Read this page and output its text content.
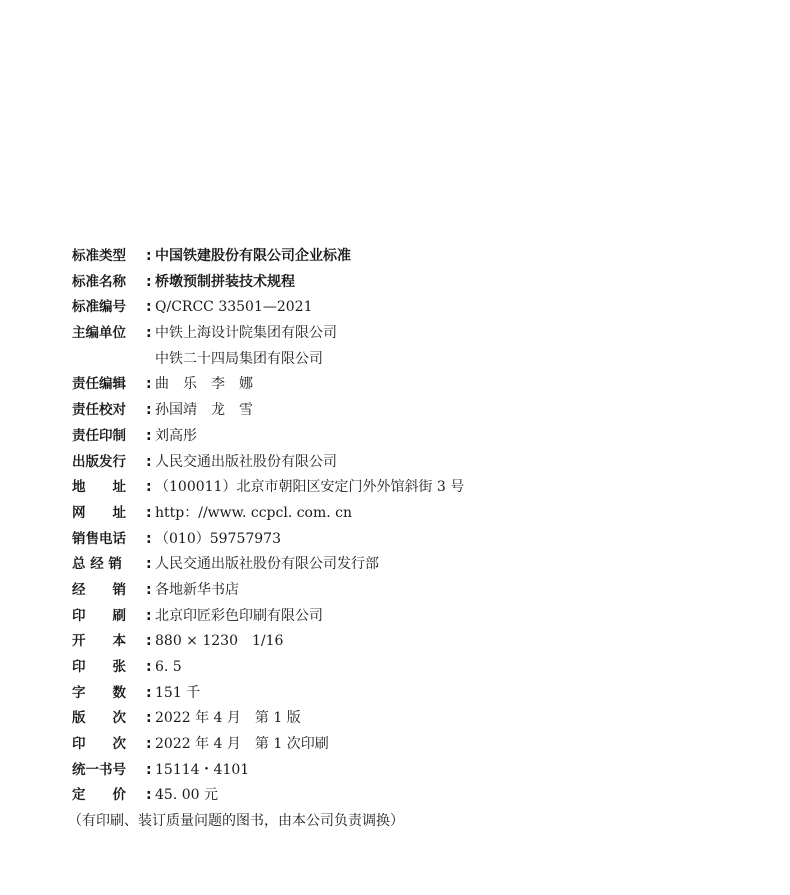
标准类型	: 中国铁建股份有限公司企业标准
标准名称	: 桥墩预制拼装技术规程
标准编号	: Q/CRCC 33501—2021
主编单位	: 中铁上海设计院集团有限公司
中铁二十四局集团有限公司
责任编辑	: 曲　乐　李　娜
责任校对	: 孙国靖　龙　雪
责任印制	: 刘高彤
出版发行	: 人民交通出版社股份有限公司
地　　址	: （100011）北京市朝阳区安定门外外馆斜街 3 号
网　　址	: http：//www. ccpcl. com. cn
销售电话	: （010）59757973
总 经 销	: 人民交通出版社股份有限公司发行部
经　　销	: 各地新华书店
印　　刷	: 北京印匠彩色印刷有限公司
开　　本	: 880 × 1230　1/16
印　　张	: 6. 5
字　　数	: 151 千
版　　次	: 2022 年 4 月　第 1 版
印　　次	: 2022 年 4 月　第 1 次印刷
统一书号	: 15114・4101
定　　价	: 45. 00 元
（有印刷、装订质量问题的图书，由本公司负责调换）
